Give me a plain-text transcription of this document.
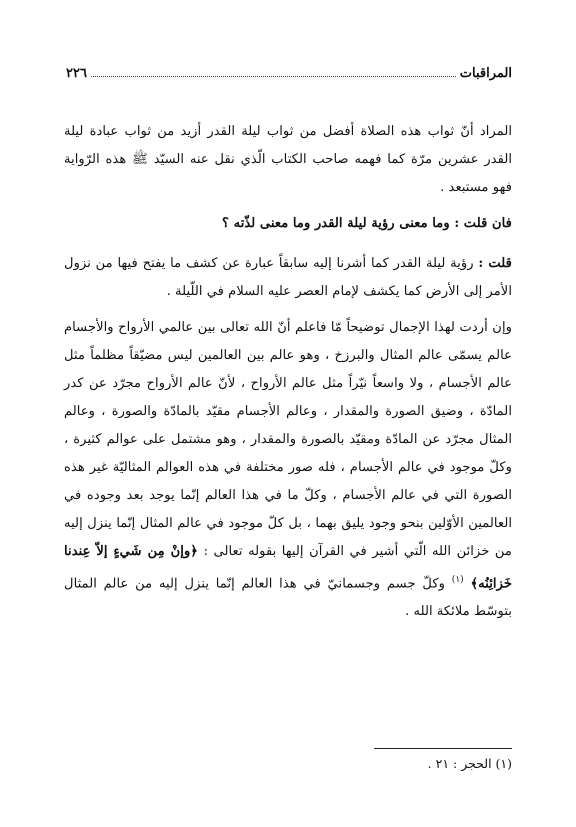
المراقبات
٢٢٦

المراد أنّ ثواب هذه الصلاة أفضل من ثواب ليلة القدر أزيد من ثواب عبادة ليلة القدر عشرين مرّة كما فهمه صاحب الكتاب الّذي نقل عنه السيّد ﷺ هذه الرّواية فهو مستبعد .

فان قلت : وما معنى رؤية ليلة القدر وما معنى لذّته ؟

قلت : رؤية ليلة القدر كما أشرنا إليه سابقاً عبارة عن كشف ما يفتح فيها من نزول الأمر إلى الأرض كما يكشف لإمام العصر عليه السلام في اللّيلة .

وإن أردت لهذا الإجمال توضيحاً مّا فاعلم أنّ الله تعالى بين عالمي الأرواح والأجسام عالم يسمّى عالم المثال والبرزخ ، وهو عالم بين العالمين ليس مضيّقاً مظلماً مثل عالم الأجسام ، ولا واسعاً نيّراً مثل عالم الأرواح ، لأنّ عالم الأرواح مجرّد عن كدر المادّة ، وضيق الصورة والمقدار ، وعالم الأجسام مقيّد بالمادّة والصورة ، وعالم المثال مجرّد عن المادّة ومقيّد بالصورة والمقدار ، وهو مشتمل على عوالم كثيرة ، وكلّ موجود في عالم الأجسام ، فله صور مختلفة في هذه العوالم المثاليّة غير هذه الصورة التي في عالم الأجسام ، وكلّ ما في هذا العالم إنّما يوجد بعد وجوده في العالمين الأوّلين بنحو وجود يليق بهما ، بل كلّ موجود في عالم المثال إنّما ينزل إليه من خزائن الله الّتي أشير في القرآن إليها بقوله تعالى : ﴿وإنْ مِن شَيءٍ إلاّ عِندنا خَزائِنُه﴾ $^{(١)}$ وكلّ جسم وجسمانيّ في هذا العالم إنّما ينزل إليه من عالم المثال بتوسّط ملائكة الله .

(١) الحجر : ٢١ .
